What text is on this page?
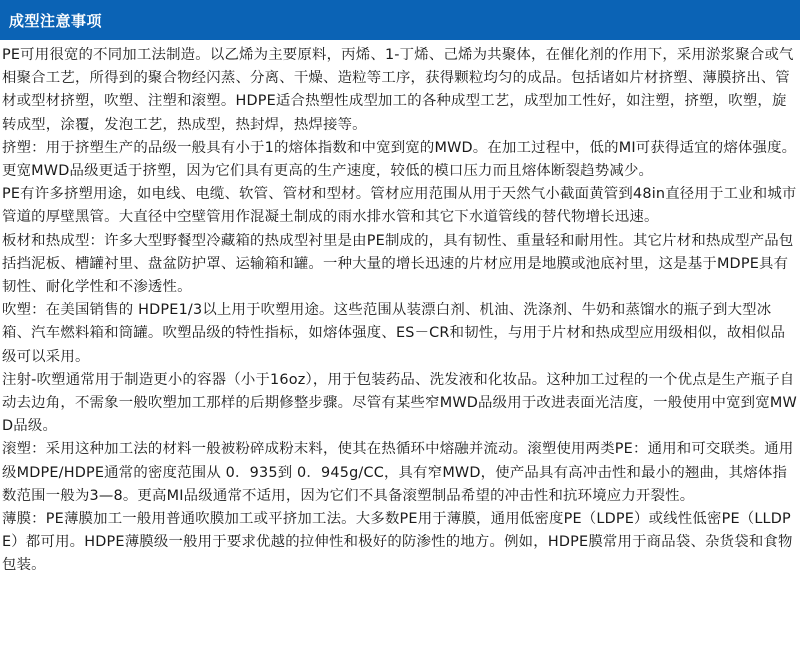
成型注意事项

PE可用很宽的不同加工法制造。以乙烯为主要原料，丙烯、1-丁烯、己烯为共聚体，在催化剂的作用下，采用淤浆聚合或气相聚合工艺，所得到的聚合物经闪蒸、分离、干燥、造粒等工序，获得颗粒均匀的成品。包括诸如片材挤塑、薄膜挤出、管材或型材挤塑，吹塑、注塑和滚塑。HDPE适合热塑性成型加工的各种成型工艺，成型加工性好，如注塑，挤塑，吹塑，旋转成型，涂覆，发泡工艺，热成型，热封焊，热焊接等。

挤塑：用于挤塑生产的品级一般具有小于1的熔体指数和中宽到宽的MWD。在加工过程中，低的MI可获得适宜的熔体强度。更宽MWD品级更适于挤塑，因为它们具有更高的生产速度，较低的模口压力而且熔体断裂趋势减少。

PE有许多挤塑用途，如电线、电缆、软管、管材和型材。管材应用范围从用于天然气小截面黄管到48in直径用于工业和城市管道的厚壁黑管。大直径中空壁管用作混凝土制成的雨水排水管和其它下水道管线的替代物增长迅速。

板材和热成型：许多大型野餐型冷藏箱的热成型衬里是由PE制成的，具有韧性、重量轻和耐用性。其它片材和热成型产品包括挡泥板、槽罐衬里、盘盆防护罩、运输箱和罐。一种大量的增长迅速的片材应用是地膜或池底衬里，这是基于MDPE具有韧性、耐化学性和不渗透性。

吹塑：在美国销售的 HDPE1/3以上用于吹塑用途。这些范围从装漂白剂、机油、洗涤剂、牛奶和蒸馏水的瓶子到大型冰箱、汽车燃料箱和筒罐。吹塑品级的特性指标，如熔体强度、ES－CR和韧性，与用于片材和热成型应用级相似，故相似品级可以采用。

注射-吹塑通常用于制造更小的容器（小于16oz），用于包装药品、洗发液和化妆品。这种加工过程的一个优点是生产瓶子自动去边角，不需象一般吹塑加工那样的后期修整步骤。尽管有某些窄MWD品级用于改进表面光洁度，一般使用中宽到宽MWD品级。

滚塑：采用这种加工法的材料一般被粉碎成粉末料，使其在热循环中熔融并流动。滚塑使用两类PE：通用和可交联类。通用级MDPE/HDPE通常的密度范围从 0．935到 0．945g/CC，具有窄MWD，使产品具有高冲击性和最小的翘曲，其熔体指数范围一般为3—8。更高MI品级通常不适用，因为它们不具备滚塑制品希望的冲击性和抗环境应力开裂性。

薄膜：PE薄膜加工一般用普通吹膜加工或平挤加工法。大多数PE用于薄膜，通用低密度PE（LDPE）或线性低密PE（LLDPE）都可用。HDPE薄膜级一般用于要求优越的拉伸性和极好的防渗性的地方。例如，HDPE膜常用于商品袋、杂货袋和食物包装。
